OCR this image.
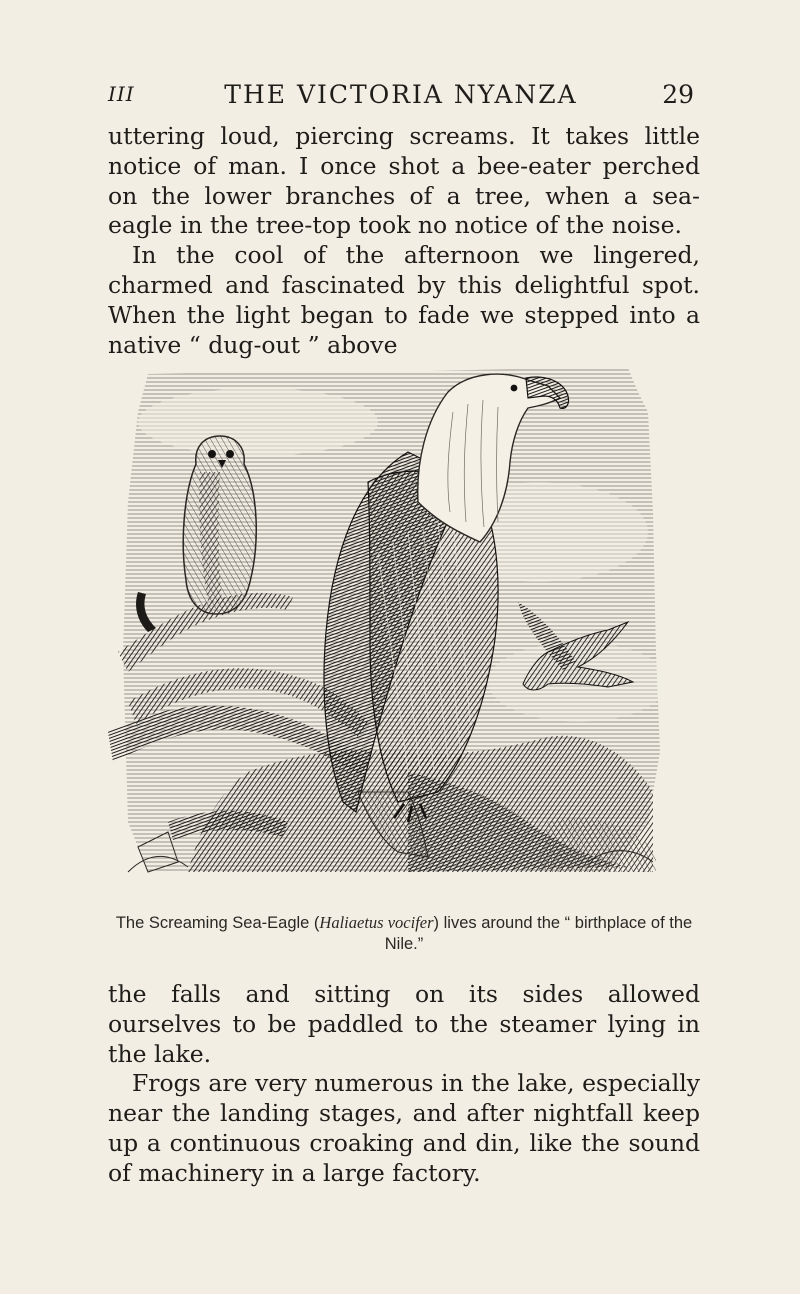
III	THE VICTORIA NYANZA	29

uttering loud, piercing screams. It takes little notice of man. I once shot a bee-eater perched on the lower branches of a tree, when a sea-eagle in the tree-top took no notice of the noise.

In the cool of the afternoon we lingered, charmed and fascinated by this delightful spot. When the light began to fade we stepped into a native “ dug-out ” above

The Screaming Sea-Eagle (Haliaetus vocifer) lives around the “ birthplace of the Nile.”

the falls and sitting on its sides allowed ourselves to be paddled to the steamer lying in the lake.

Frogs are very numerous in the lake, especially near the landing stages, and after nightfall keep up a continuous croaking and din, like the sound of machinery in a large factory.
